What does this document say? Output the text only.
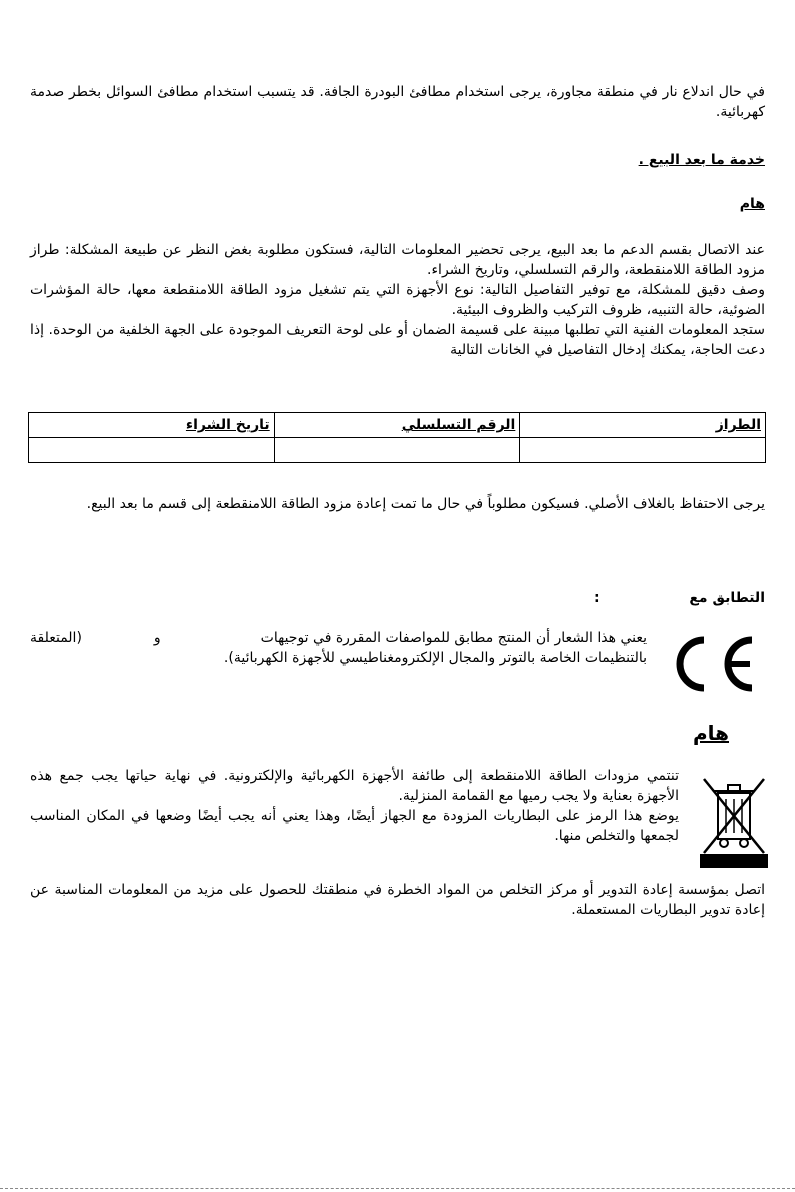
في حال اندلاع نار في منطقة مجاورة، يرجى استخدام مطافئ البودرة الجافة. قد يتسبب استخدام مطافئ السوائل بخطر صدمة كهربائية.

خدمة ما بعد البيع .

هام

عند الاتصال بقسم الدعم ما بعد البيع، يرجى تحضير المعلومات التالية، فستكون مطلوبة بغض النظر عن طبيعة المشكلة: طراز مزود الطاقة اللامنقطعة، والرقم التسلسلي، وتاريخ الشراء.

وصف دقيق للمشكلة، مع توفير التفاصيل التالية: نوع الأجهزة التي يتم تشغيل مزود الطاقة اللامنقطعة معها، حالة المؤشرات الضوئية، حالة التنبيه، ظروف التركيب والظروف البيئية.

ستجد المعلومات الفنية التي تطلبها مبينة على قسيمة الضمان أو على لوحة التعريف الموجودة على الجهة الخلفية من الوحدة. إذا دعت الحاجة، يمكنك إدخال التفاصيل في الخانات التالية

الطراز	الرقم التسلسلي	تاريخ الشراء

يرجى الاحتفاظ بالغلاف الأصلي. فسيكون مطلوباً في حال ما تمت إعادة مزود الطاقة اللامنقطعة إلى قسم ما بعد البيع.

التطابق مع  :

يعني هذا الشعار أن المنتج مطابق للمواصفات المقررة في توجيهات
و
(المتعلقة

بالتنظيمات الخاصة بالتوتر والمجال الإلكترومغناطيسي للأجهزة الكهربائية).

هام

تنتمي مزودات الطاقة اللامنقطعة إلى طائفة الأجهزة الكهربائية والإلكترونية. في نهاية حياتها يجب جمع هذه الأجهزة بعناية ولا يجب رميها مع القمامة المنزلية.

يوضع هذا الرمز على البطاريات المزودة مع الجهاز أيضًا، وهذا يعني أنه يجب أيضًا وضعها في المكان المناسب لجمعها والتخلص منها.

اتصل بمؤسسة إعادة التدوير أو مركز التخلص من المواد الخطرة في منطقتك للحصول على مزيد من المعلومات المناسبة عن إعادة تدوير البطاريات المستعملة.
